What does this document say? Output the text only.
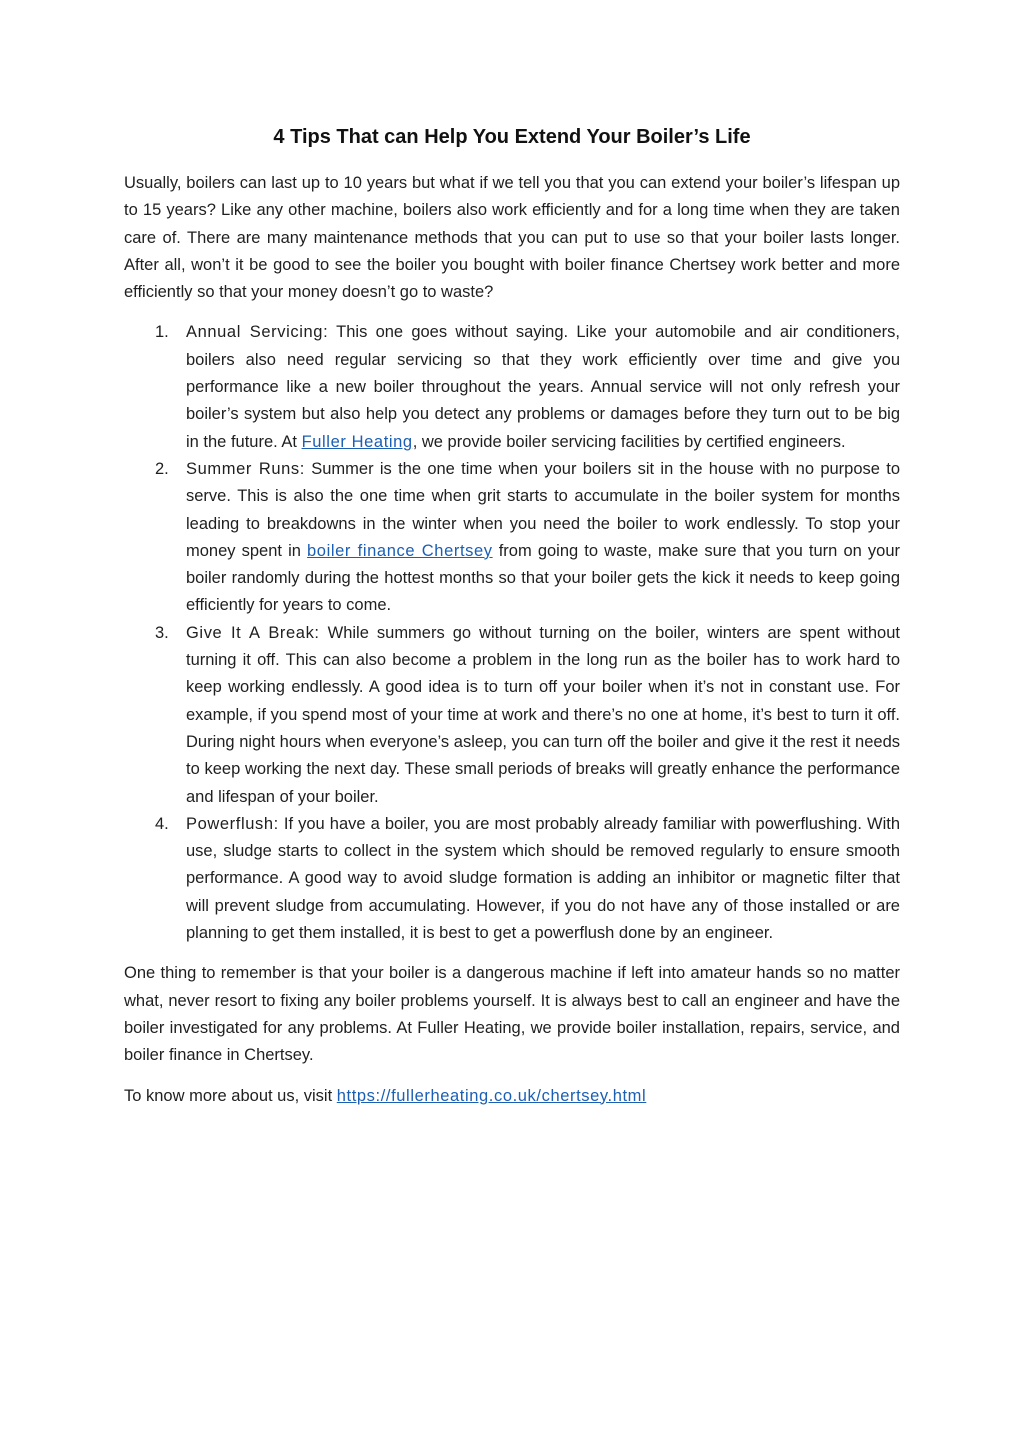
4 Tips That can Help You Extend Your Boiler’s Life

Usually, boilers can last up to 10 years but what if we tell you that you can extend your boiler’s lifespan up to 15 years? Like any other machine, boilers also work efficiently and for a long time when they are taken care of. There are many maintenance methods that you can put to use so that your boiler lasts longer. After all, won’t it be good to see the boiler you bought with boiler finance Chertsey work better and more efficiently so that your money doesn’t go to waste?

1. Annual Servicing: This one goes without saying. Like your automobile and air conditioners, boilers also need regular servicing so that they work efficiently over time and give you performance like a new boiler throughout the years. Annual service will not only refresh your boiler’s system but also help you detect any problems or damages before they turn out to be big in the future. At Fuller Heating, we provide boiler servicing facilities by certified engineers.
2. Summer Runs: Summer is the one time when your boilers sit in the house with no purpose to serve. This is also the one time when grit starts to accumulate in the boiler system for months leading to breakdowns in the winter when you need the boiler to work endlessly. To stop your money spent in boiler finance Chertsey from going to waste, make sure that you turn on your boiler randomly during the hottest months so that your boiler gets the kick it needs to keep going efficiently for years to come.
3. Give It A Break: While summers go without turning on the boiler, winters are spent without turning it off. This can also become a problem in the long run as the boiler has to work hard to keep working endlessly. A good idea is to turn off your boiler when it’s not in constant use. For example, if you spend most of your time at work and there’s no one at home, it’s best to turn it off. During night hours when everyone’s asleep, you can turn off the boiler and give it the rest it needs to keep working the next day. These small periods of breaks will greatly enhance the performance and lifespan of your boiler.
4. Powerflush: If you have a boiler, you are most probably already familiar with powerflushing. With use, sludge starts to collect in the system which should be removed regularly to ensure smooth performance. A good way to avoid sludge formation is adding an inhibitor or magnetic filter that will prevent sludge from accumulating. However, if you do not have any of those installed or are planning to get them installed, it is best to get a powerflush done by an engineer.

One thing to remember is that your boiler is a dangerous machine if left into amateur hands so no matter what, never resort to fixing any boiler problems yourself. It is always best to call an engineer and have the boiler investigated for any problems. At Fuller Heating, we provide boiler installation, repairs, service, and boiler finance in Chertsey.

To know more about us, visit https://fullerheating.co.uk/chertsey.html
